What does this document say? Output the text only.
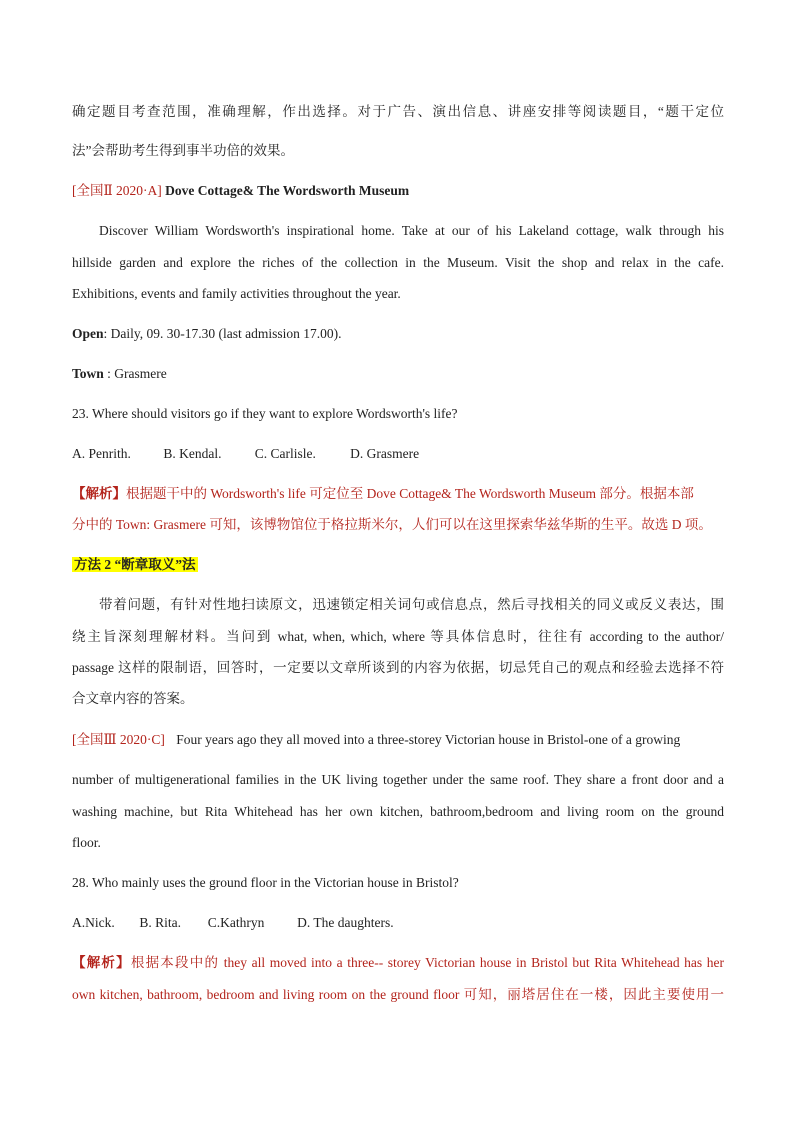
确定题目考查范围，准确理解，作出选择。对于广告、演出信息、讲座安排等阅读题目，“题干定位
法”会帮助考生得到事半功倍的效果。
[全国Ⅱ 2020·A] Dove Cottage& The Wordsworth Museum
Discover William Wordsworth's inspirational home. Take at our of his Lakeland cottage, walk through his
hillside garden and explore the riches of the collection in the Museum. Visit the shop and relax in the cafe.
Exhibitions, events and family activities throughout the year.
Open: Daily, 09. 30-17.30 (last admission 17.00).
Town : Grasmere
23. Where should visitors go if they want to explore Wordsworth's life?
A. Penrith. B. Kendal. C. Carlisle.	D. Grasmere
【解析】根据题干中的 Wordsworth's life 可定位至 Dove Cottage& The Wordsworth Museum 部分。根据本部
分中的 Town: Grasmere 可知，该博物馆位于格拉斯米尔，人们可以在这里探索华兹华斯的生平。故选 D 项。
方法 2 “断章取义”法
带着问题，有针对性地扫读原文，迅速锁定相关词句或信息点，然后寻找相关的同义或反义表达，围
绕主旨深刻理解材料。当问到 what, when, which, where 等具体信息时，往往有 according to the author/
passage 这样的限制语，回答时，一定要以文章所谈到的内容为依据，切忌凭自己的观点和经验去选择不符
合文章内容的答案。
[全国Ⅲ 2020·C] Four years ago they all moved into a three-storey Victorian house in Bristol-one of a growing
number of multigenerational families in the UK living together under the same roof. They share a front door and a
washing machine, but Rita Whitehead has her own kitchen, bathroom,bedroom and living room on the ground
floor.
28. Who mainly uses the ground floor in the Victorian house in Bristol?
A.Nick. B. Rita. C.Kathryn D. The daughters.
【解析】根据本段中的 they all moved into a three-- storey Victorian house in Bristol but Rita Whitehead has her
own kitchen, bathroom, bedroom and living room on the ground floor 可知，丽塔居住在一楼，因此主要使用一
